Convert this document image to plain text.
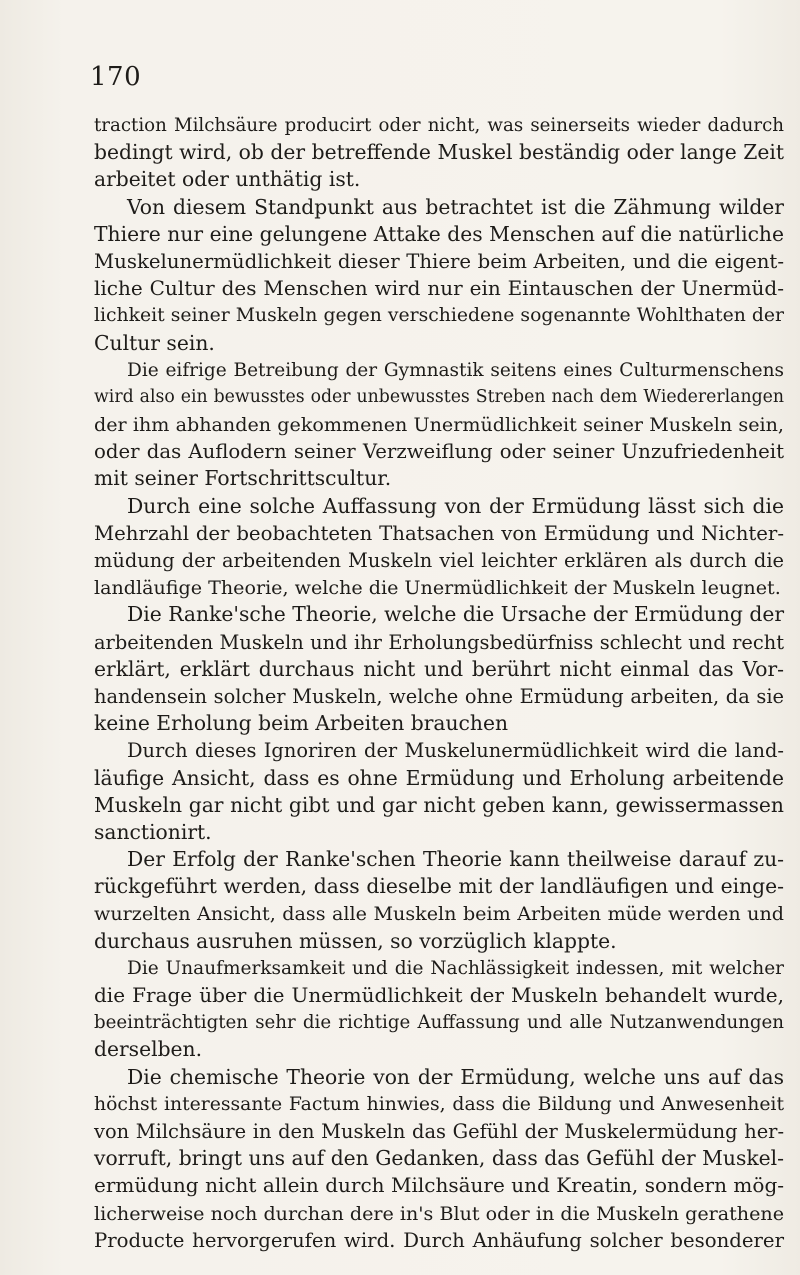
170
traction Milchsäure producirt oder nicht, was seinerseits wieder dadurch
bedingt wird, ob der betreffende Muskel beständig oder lange Zeit
arbeitet oder unthätig ist.
Von diesem Standpunkt aus betrachtet ist die Zähmung wilder
Thiere nur eine gelungene Attake des Menschen auf die natürliche
Muskelunermüdlichkeit dieser Thiere beim Arbeiten, und die eigent-
liche Cultur des Menschen wird nur ein Eintauschen der Unermüd-
lichkeit seiner Muskeln gegen verschiedene sogenannte Wohlthaten der
Cultur sein.
Die eifrige Betreibung der Gymnastik seitens eines Culturmenschens
wird also ein bewusstes oder unbewusstes Streben nach dem Wiedererlangen
der ihm abhanden gekommenen Unermüdlichkeit seiner Muskeln sein,
oder das Auflodern seiner Verzweiflung oder seiner Unzufriedenheit
mit seiner Fortschrittscultur.
Durch eine solche Auffassung von der Ermüdung lässt sich die
Mehrzahl der beobachteten Thatsachen von Ermüdung und Nichter-
müdung der arbeitenden Muskeln viel leichter erklären als durch die
landläufige Theorie, welche die Unermüdlichkeit der Muskeln leugnet.
Die Ranke'sche Theorie, welche die Ursache der Ermüdung der
arbeitenden Muskeln und ihr Erholungsbedürfniss schlecht und recht
erklärt, erklärt durchaus nicht und berührt nicht einmal das Vor-
handensein solcher Muskeln, welche ohne Ermüdung arbeiten, da sie
keine Erholung beim Arbeiten brauchen
Durch dieses Ignoriren der Muskelunermüdlichkeit wird die land-
läufige Ansicht, dass es ohne Ermüdung und Erholung arbeitende
Muskeln gar nicht gibt und gar nicht geben kann, gewissermassen
sanctionirt.
Der Erfolg der Ranke'schen Theorie kann theilweise darauf zu-
rückgeführt werden, dass dieselbe mit der landläufigen und einge-
wurzelten Ansicht, dass alle Muskeln beim Arbeiten müde werden und
durchaus ausruhen müssen, so vorzüglich klappte.
Die Unaufmerksamkeit und die Nachlässigkeit indessen, mit welcher
die Frage über die Unermüdlichkeit der Muskeln behandelt wurde,
beeinträchtigten sehr die richtige Auffassung und alle Nutzanwendungen
derselben.
Die chemische Theorie von der Ermüdung, welche uns auf das
höchst interessante Factum hinwies, dass die Bildung und Anwesenheit
von Milchsäure in den Muskeln das Gefühl der Muskelermüdung her-
vorruft, bringt uns auf den Gedanken, dass das Gefühl der Muskel-
ermüdung nicht allein durch Milchsäure und Kreatin, sondern mög-
licherweise noch durchan dere in's Blut oder in die Muskeln gerathene
Producte hervorgerufen wird. Durch Anhäufung solcher besonderer
